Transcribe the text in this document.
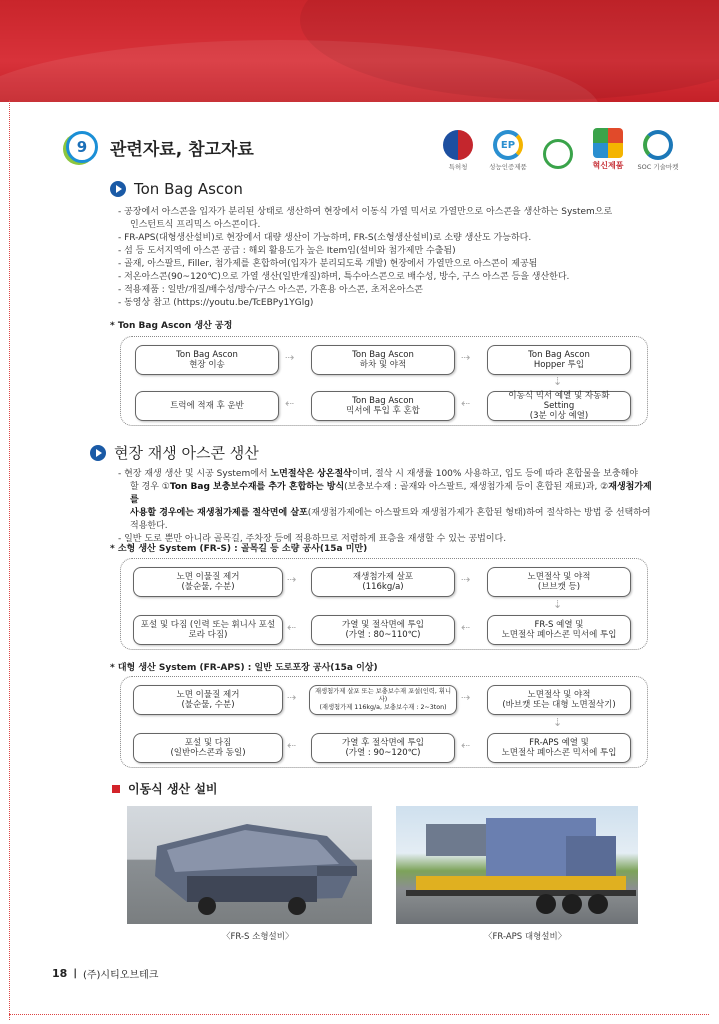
9	관련자료, 참고자료
특허청
EP
성능인증제품	혁신제품 SOC 기술마켓
Ton Bag Ascon
- 공장에서 아스콘을 입자가 분리된 상태로 생산하여 현장에서 이동식 가열 믹서로 가열만으로 아스콘을 생산하는 System으로
인스턴트식 프리믹스 아스콘이다.
- FR-APS(대형생산설비)로 현장에서 대량 생산이 가능하며, FR-S(소형생산설비)로 소량 생산도 가능하다.
- 섬 등 도서지역에 아스콘 공급 : 해외 활용도가 높은 Item임(설비와 첨가제만 수출됨)
- 골재, 아스팔트, Filler, 첨가제를 혼합하여(입자가 분리되도록 개발) 현장에서 가열만으로 아스콘이 제공됨
- 저온아스콘(90~120℃)으로 가열 생산(일반개질)하며, 특수아스콘으로 배수성, 방수, 구스 아스콘 등을 생산한다.
- 적용제품 : 일반/개질/배수성/방수/구스 아스콘, 가흔용 아스콘, 초저온아스콘
- 동영상 참고 (https://youtu.be/TcEBPy1YGlg)
* Ton Bag Ascon 생산 공정
Ton Bag Ascon
현장 이송
Ton Bag Ascon
하차 및 야적
Ton Bag Ascon
Hopper 투입
트럭에 적재 후 운반	Ton Bag Ascon
믹서에 투입 후 혼합
이동식 믹서 예열 및 자동화 Setting
(3분 이상 예열)
⇢	⇢
⇣
⇠
⇠
현장 재생 아스콘 생산
- 현장 재생 생산 및 시공 System에서 노면절삭은 상온절삭이며, 절삭 시 재생률 100% 사용하고, 입도 등에 따라 혼합물을 보충해야
할 경우 ①Ton Bag 보충보수재를 추가 혼합하는 방식(보충보수재 : 골재와 아스팔트, 재생첨가제 등이 혼합된 재료)과, ②재생첨가제를
사용할 경우에는 재생첨가제를 절삭면에 살포(재생첨가제에는 아스팔트와 재생첨가제가 혼합된 형태)하여 절삭하는 방법 중 선택하여
적용한다.
- 일반 도로 뿐만 아니라 골목길, 주차장 등에 적용하므로 저렴하게 표층을 재생할 수 있는 공법이다.
* 소형 생산 System (FR-S) : 골목길 등 소량 공사(15a 미만)
노면 이물질 제거
(불순물, 수분)
재생첨가제 살포
(116kg/a)
노면절삭 및 야적
(브브캣 등)
포설 및 다짐 (인력 또는 휘니사 포설
로라 다짐)
가열 및 절삭면에 투입
(가열 : 80~110℃)
FR-S 예열 및
노면절삭 폐아스콘 믹서에 투입
⇢	⇢
⇣
⇠
⇠
* 대형 생산 System (FR-APS) : 일반 도로포장 공사(15a 이상)
노면 이물질 제거
(불순물, 수분)
재생첨가제 살포 또는 보충보수재 포설(인력, 휘니사)
(재생첨가제 116kg/a, 보충보수재 : 2~3ton)
노면절삭 및 야적
(바브캣 또는 대형 노면절삭기)
포설 및 다짐
(일반아스콘과 동일)
가열 후 절삭면에 투입
(가열 : 90~120℃)
FR-APS 예열 및
노면절삭 폐아스콘 믹서에 투입
⇢	⇢
⇣
⇠
⇠
이동식 생산 설비
〈FR-S 소형설비〉	〈FR-APS 대형설비〉
18 | (주)시티오브테크
